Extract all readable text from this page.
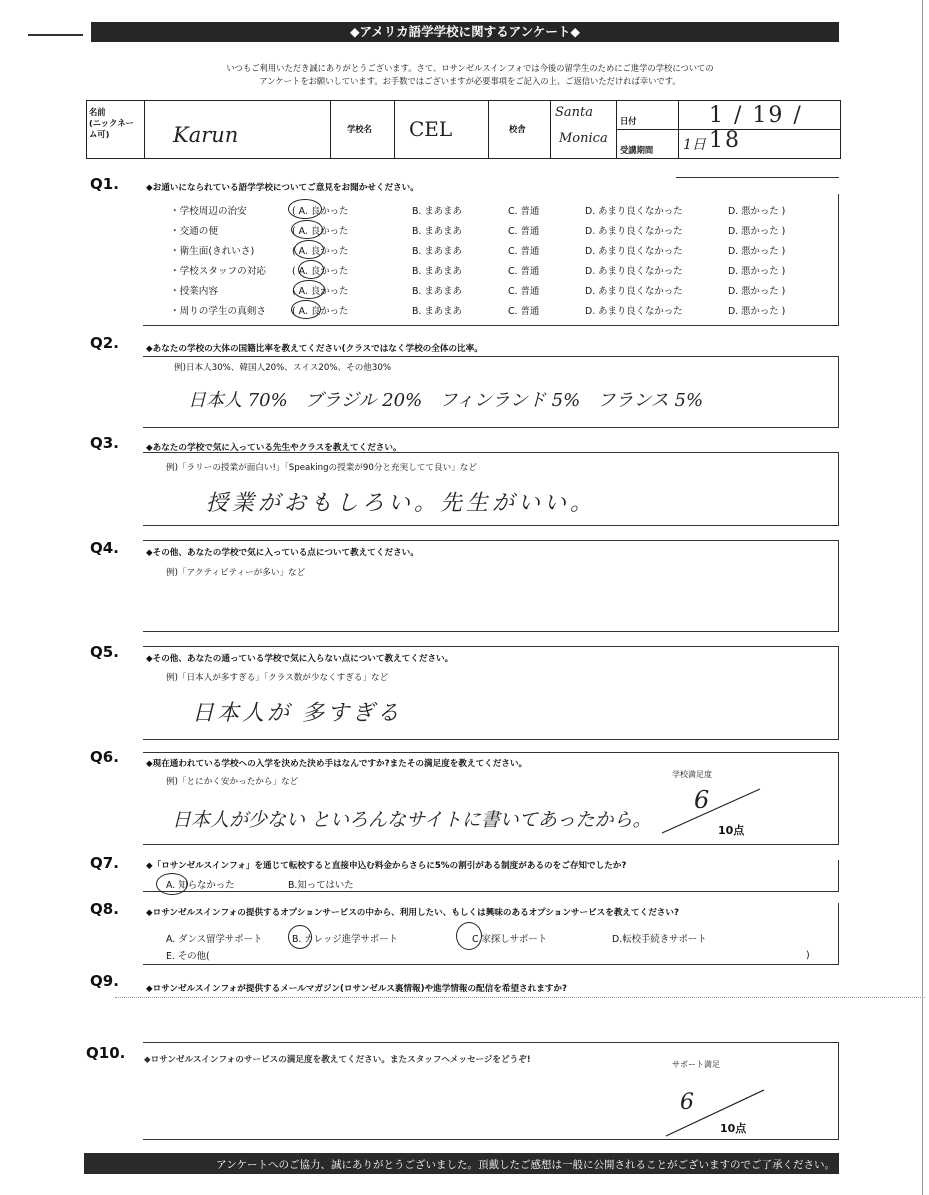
◆アメリカ語学学校に関するアンケート◆
いつもご利用いただき誠にありがとうございます。さて、ロサンゼルスインフォでは今後の留学生のためにご進学の学校についての
アンケートをお願いしています。お手数ではございますが必要事項をご記入の上、ご返信いただければ幸いです。
名前
(ニックネー
ム可)	Karun	学校名 CEL	校舎
Santa
Monica
日付	1 / 19 / 18
受講期間 1日
Q1.	◆お通いになられている語学学校についてご意見をお聞かせください。
・学校周辺の治安	( A. 良かった	B. まあまあ	C. 普通	D. あまり良くなかった	D. 悪かった )
・交通の便	( A. 良かった	B. まあまあ	C. 普通	D. あまり良くなかった	D. 悪かった )
・衛生面(きれいさ)	( A. 良かった	B. まあまあ	C. 普通	D. あまり良くなかった	D. 悪かった )
・学校スタッフの対応	( A. 良かった	B. まあまあ	C. 普通	D. あまり良くなかった	D. 悪かった )
・授業内容	( A. 良かった	B. まあまあ	C. 普通	D. あまり良くなかった	D. 悪かった )
・周りの学生の真剣さ	( A. 良かった	B. まあまあ	C. 普通	D. あまり良くなかった	D. 悪かった )
Q2.	◆あなたの学校の大体の国籍比率を教えてください(クラスではなく学校の全体の比率。
例)日本人30%、韓国人20%、スイス20%、その他30%
日本人 70%   ブラジル 20%   フィンランド 5%   フランス 5%
Q3.	◆あなたの学校で気に入っている先生やクラスを教えてください。
例)「ラリーの授業が面白い!」「Speakingの授業が90分と充実してて良い」など
授業がおもしろい。先生がいい。
Q4.	◆その他、あなたの学校で気に入っている点について教えてください。
例)「アクティビティーが多い」など
Q5.	◆その他、あなたの通っている学校で気に入らない点について教えてください。
例)「日本人が多すぎる」「クラス数が少なくすぎる」など
日本人が 多すぎる
Q6.	◆現在通われている学校への入学を決めた決め手はなんですか?またその満足度を教えてください。
例)「とにかく安かったから」など
日本人が少ない といろんなサイトに書いてあったから。
学校満足度
6
10点
Q7.	◆「ロサンゼルスインフォ」を通じて転校すると直接申込む料金からさらに5%の割引がある制度があるのをご存知でしたか?
A. 知らなかった	B.知ってはいた
Q8.	◆ロサンゼルスインフォの提供するオプションサービスの中から、利用したい、もしくは興味のあるオプションサービスを教えてください?
A. ダンス留学サポート	B. カレッジ進学サポート	C.家探しサポート	D.転校手続きサポート
E. その他(	)
Q9.	◆ロサンゼルスインフォが提供するメールマガジン(ロサンゼルス裏情報)や進学情報の配信を希望されますか?
Q10. ◆ロサンゼルスインフォのサービスの満足度を教えてください。またスタッフへメッセージをどうぞ!	サポート満足
6
10点
アンケートへのご協力、誠にありがとうございました。頂戴したご感想は一般に公開されることがございますのでご了承ください。
